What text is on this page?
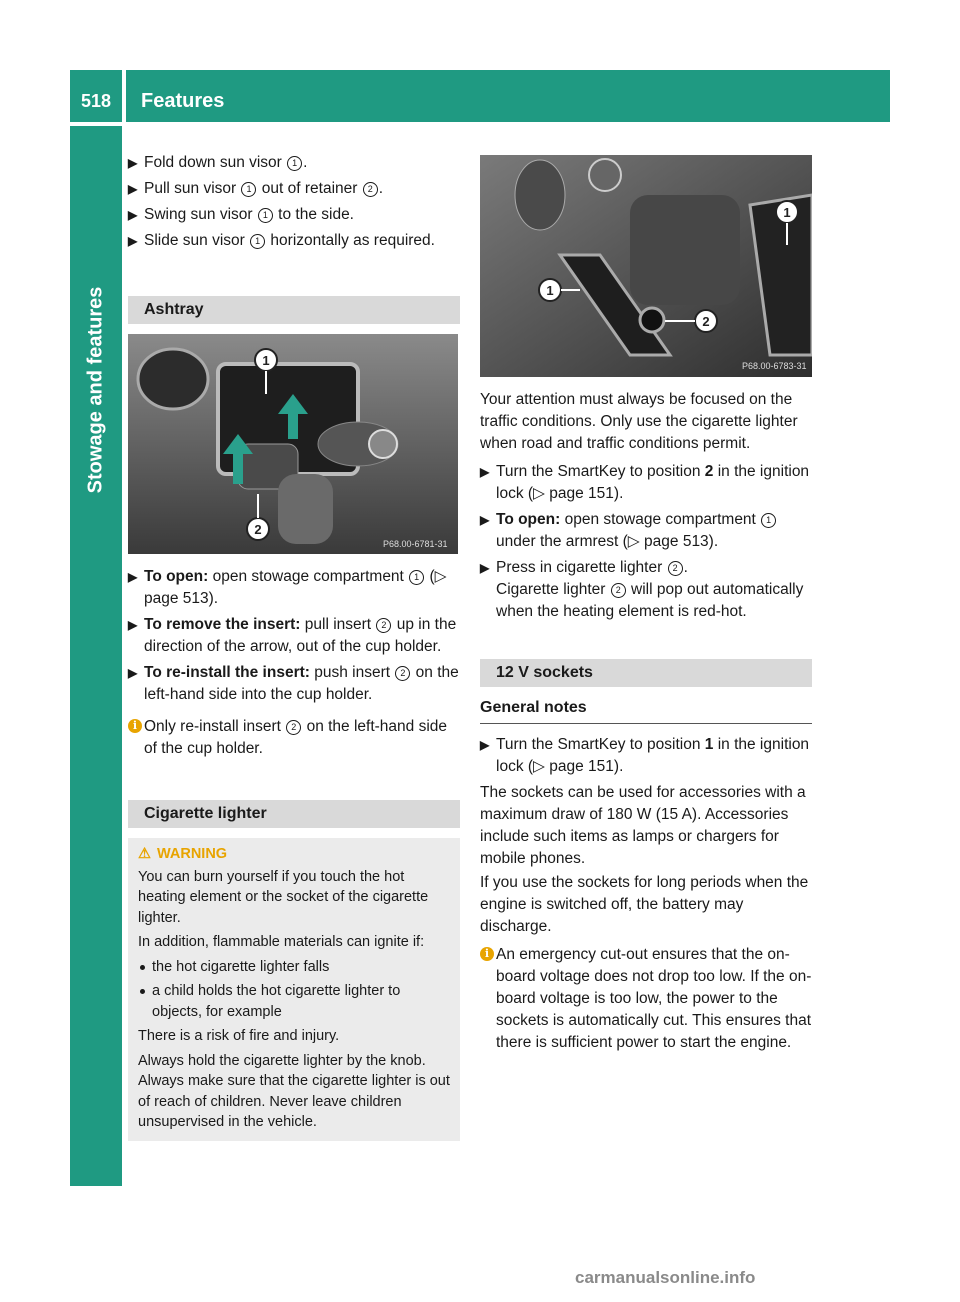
518	Features
Stowage and features
▶ Fold down sun visor 1 .
▶ Pull sun visor 1 out of retainer 2 .
▶ Swing sun visor 1 to the side.
▶ Slide sun visor 1 horizontally as required.
Ashtray
1
2
P68.00-6781-31
▶ To open: open stowage compartment 1 (▷ page 513).
▶ To remove the insert: pull insert 2 up in the direction of the arrow, out of the cup holder.
▶ To re-install the insert: push insert 2 on the left-hand side into the cup holder.
i Only re-install insert 2 on the left-hand side of the cup holder.
Cigarette lighter
⚠ WARNING

You can burn yourself if you touch the hot heating element or the socket of the cigarette lighter.

In addition, flammable materials can ignite if:

the hot cigarette lighter falls
a child holds the hot cigarette lighter to objects, for example

There is a risk of fire and injury.

Always hold the cigarette lighter by the knob. Always make sure that the cigarette lighter is out of reach of children. Never leave children unsupervised in the vehicle.

1
2
1
P68.00-6783-31

Your attention must always be focused on the traffic conditions. Only use the cigarette lighter when road and traffic conditions permit.

▶ Turn the SmartKey to position 2 in the ignition lock (▷ page 151).
▶ To open: open stowage compartment 1 under the armrest (▷ page 513).
▶ Press in cigarette lighter 2 .
Cigarette lighter 2 will pop out automatically when the heating element is red-hot.
12 V sockets
General notes
▶ Turn the SmartKey to position 1 in the ignition lock (▷ page 151).

The sockets can be used for accessories with a maximum draw of 180 W (15 A). Accessories include such items as lamps or chargers for mobile phones.

If you use the sockets for long periods when the engine is switched off, the battery may discharge.

i An emergency cut-out ensures that the on-board voltage does not drop too low. If the on-board voltage is too low, the power to the sockets is automatically cut. This ensures that there is sufficient power to start the engine.
carmanualsonline.info
